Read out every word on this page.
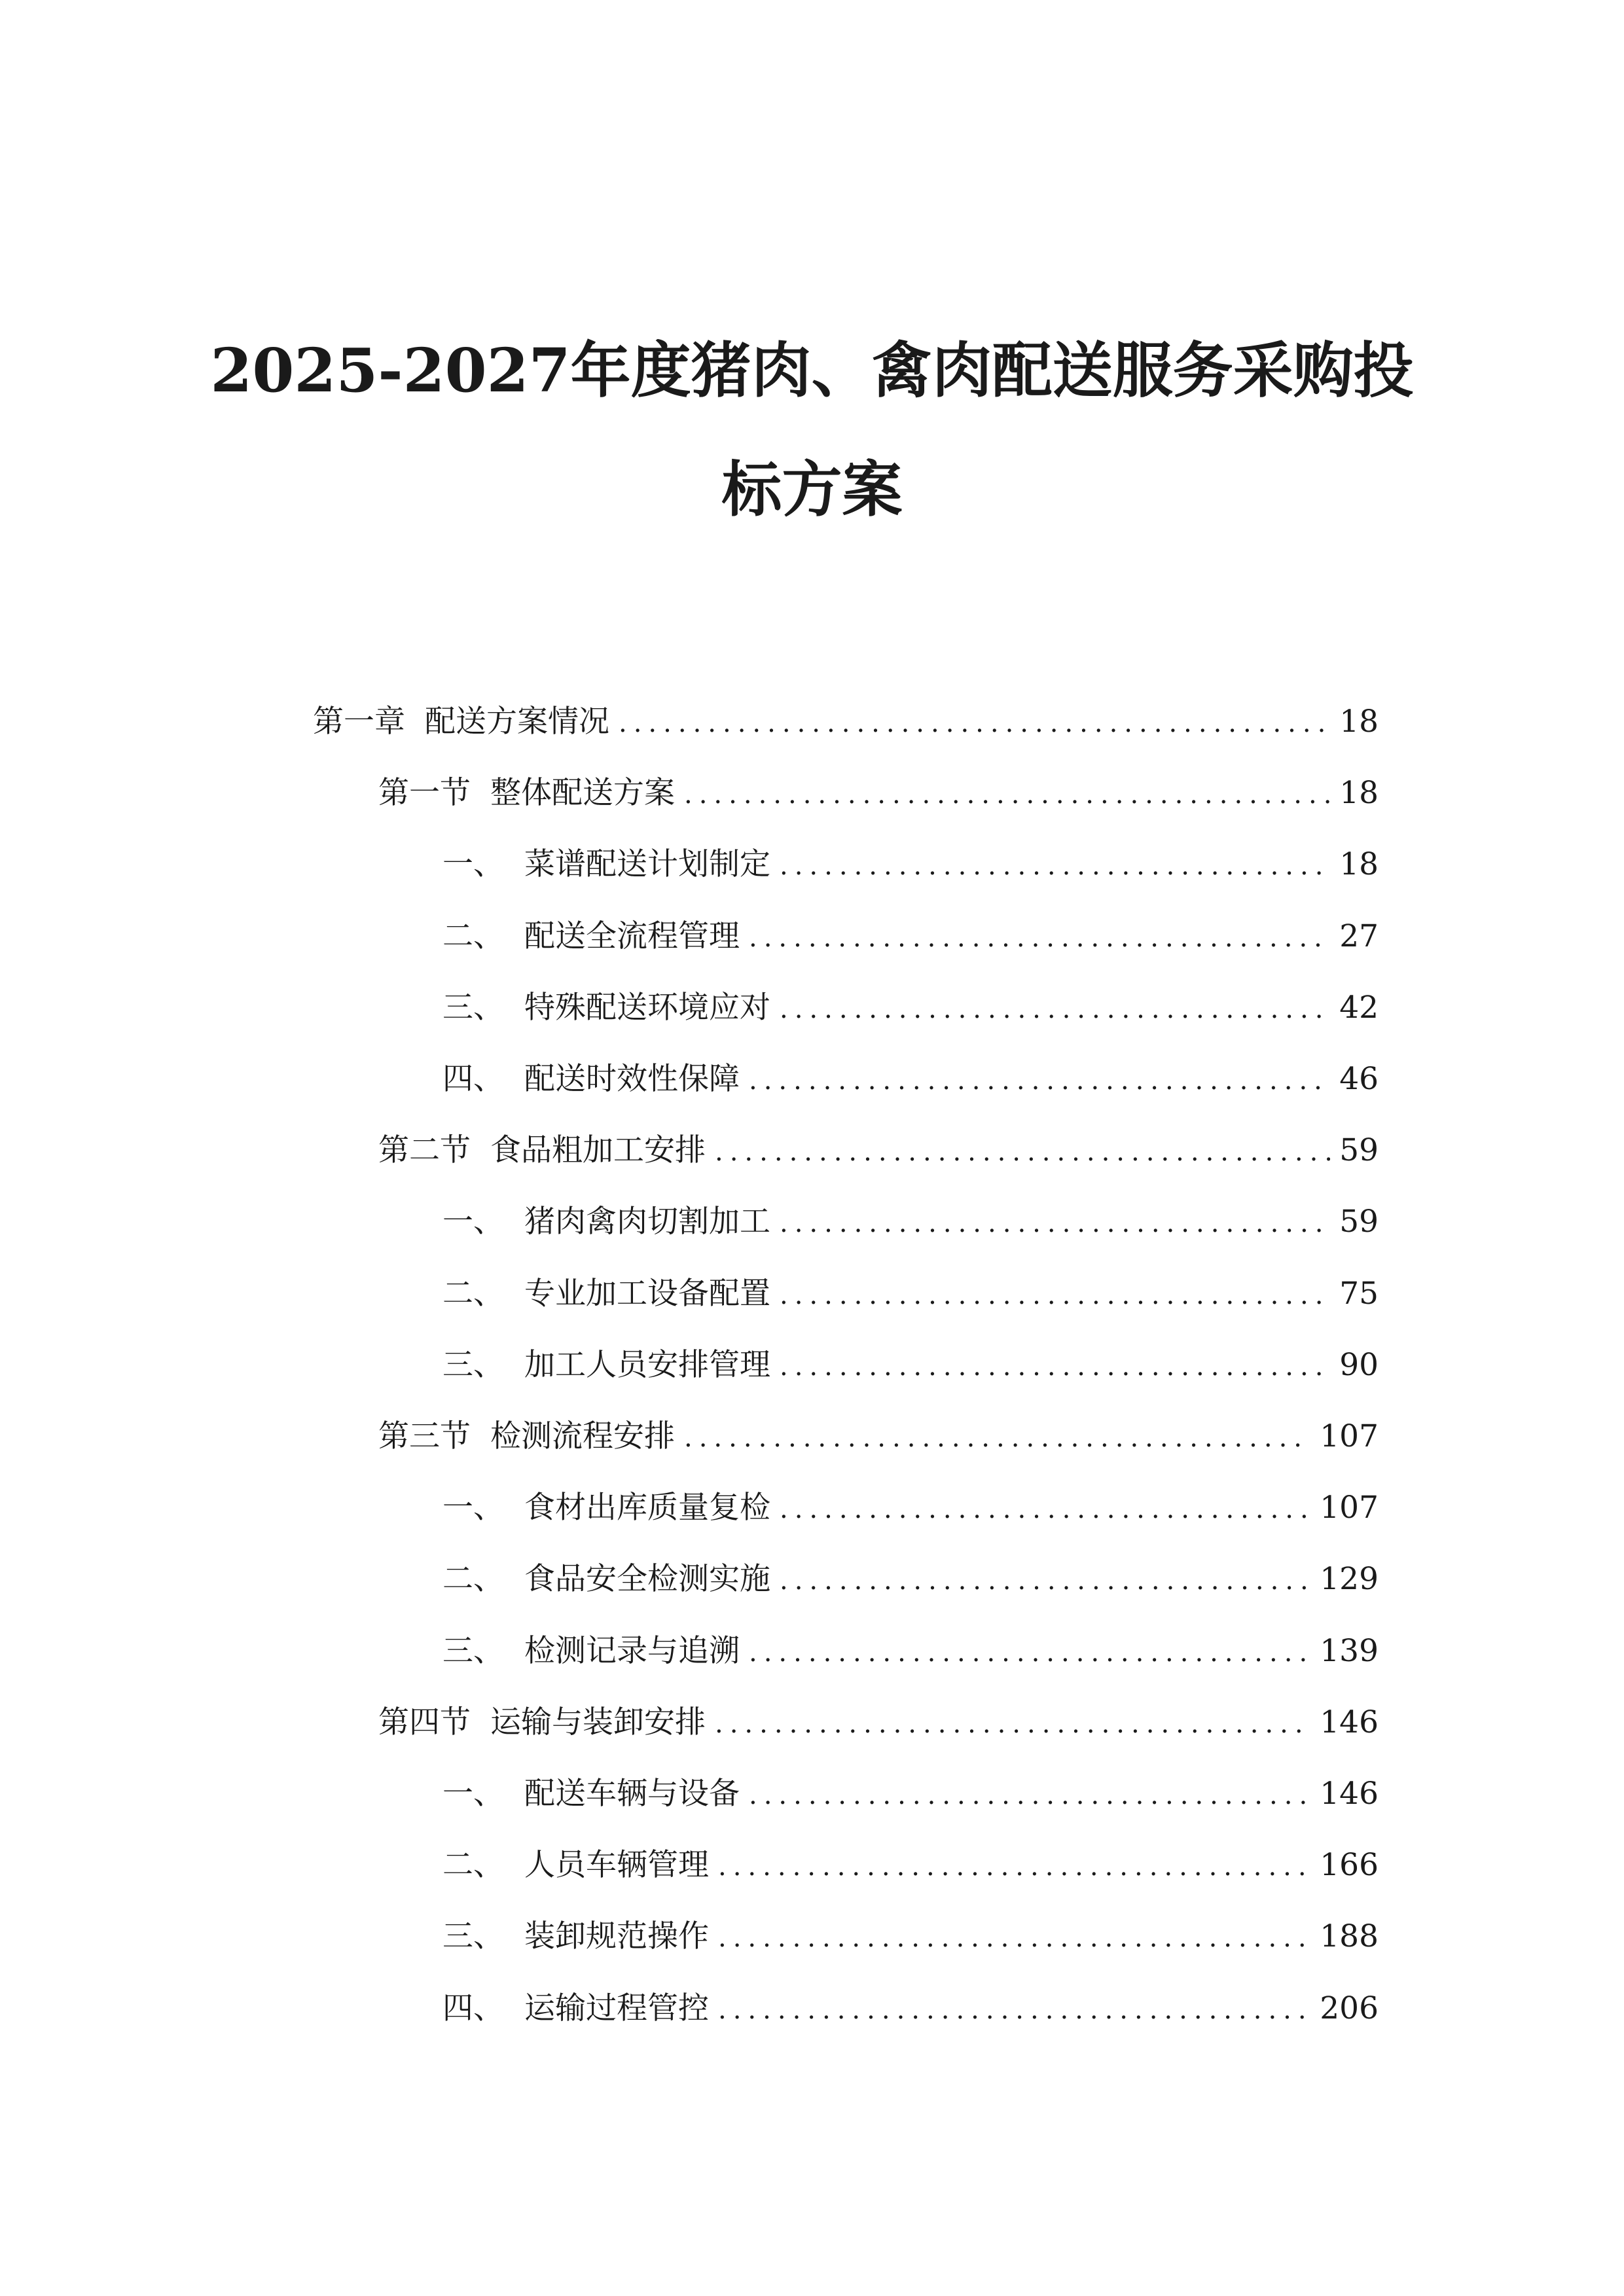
2025-2027年度猪肉、禽肉配送服务采购投
标方案
第一章 配送方案情况 .....	18
第一节 整体配送方案 .....	18
一、 菜谱配送计划制定 .....	18
二、 配送全流程管理 .....	27
三、 特殊配送环境应对 .....	42
四、 配送时效性保障 .....	46
第二节 食品粗加工安排 .....	59
一、 猪肉禽肉切割加工 .....	59
二、 专业加工设备配置 .....	75
三、 加工人员安排管理 .....	90
第三节 检测流程安排 .....	107
一、 食材出库质量复检 .....	107
二、 食品安全检测实施 .....	129
三、 检测记录与追溯 .....	139
第四节 运输与装卸安排 .....	146
一、 配送车辆与设备 .....	146
二、 人员车辆管理 .....	166
三、 装卸规范操作 .....	188
四、 运输过程管控 .....	206
